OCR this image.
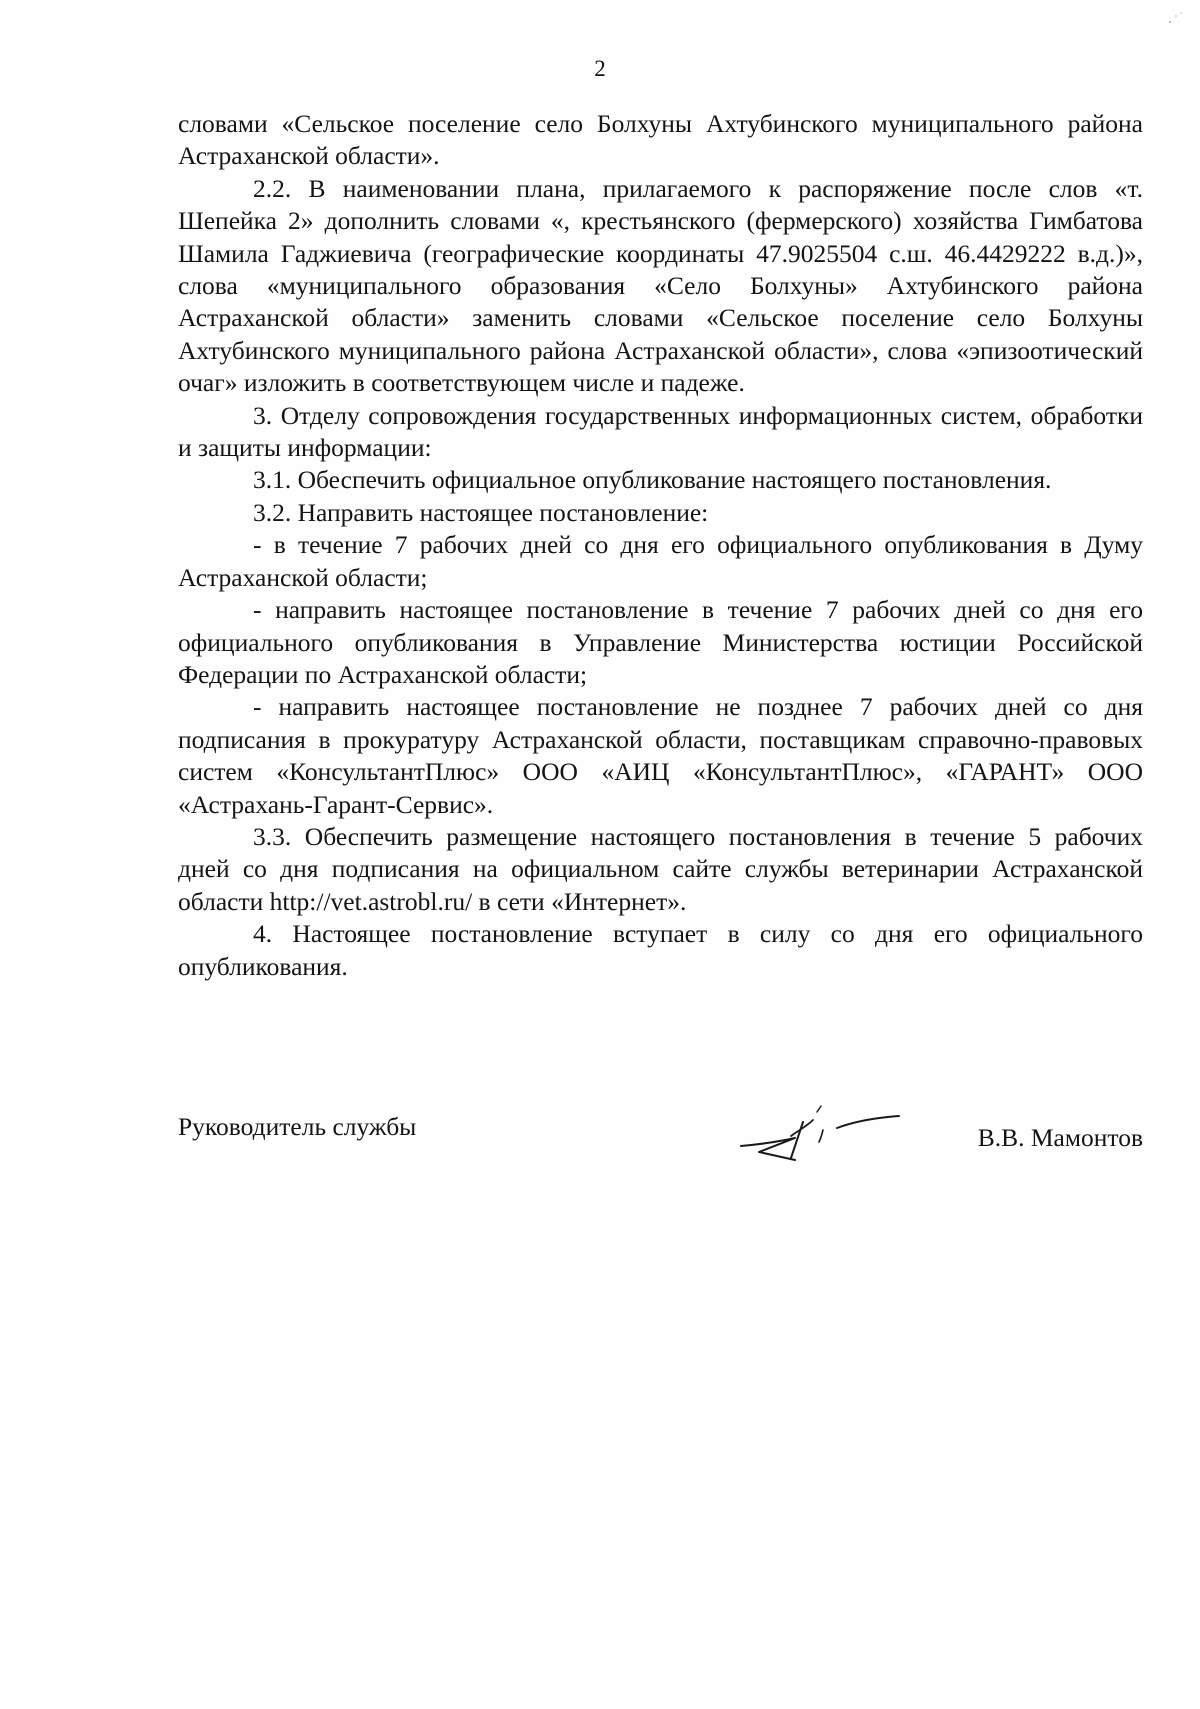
2

словами «Сельское поселение село Болхуны Ахтубинского муниципального района Астраханской области».

2.2. В наименовании плана, прилагаемого к распоряжение после слов «т. Шепейка 2» дополнить словами «, крестьянского (фермерского) хозяйства Гимбатова Шамила Гаджиевича (географические координаты 47.9025504 с.ш. 46.4429222 в.д.)», слова «муниципального образования «Село Болхуны» Ахтубинского района Астраханской области» заменить словами «Сельское поселение село Болхуны Ахтубинского муниципального района Астраханской области», слова «эпизоотический очаг» изложить в соответствующем числе и падеже.

3. Отделу сопровождения государственных информационных систем, обработки и защиты информации:

3.1. Обеспечить официальное опубликование настоящего постановления.

3.2. Направить настоящее постановление:

- в течение 7 рабочих дней со дня его официального опубликования в Думу Астраханской области;

- направить настоящее постановление в течение 7 рабочих дней со дня его официального опубликования в Управление Министерства юстиции Российской Федерации по Астраханской области;

- направить настоящее постановление не позднее 7 рабочих дней со дня подписания в прокуратуру Астраханской области, поставщикам справочно-правовых систем «КонсультантПлюс» ООО «АИЦ «КонсультантПлюс», «ГАРАНТ» ООО «Астрахань-Гарант-Сервис».

3.3. Обеспечить размещение настоящего постановления в течение 5 рабочих дней со дня подписания на официальном сайте службы ветеринарии Астраханской области http://vet.astrobl.ru/ в сети «Интернет».

4. Настоящее постановление вступает в силу со дня его официального опубликования.

Руководитель службы	В.В. Мамонтов
